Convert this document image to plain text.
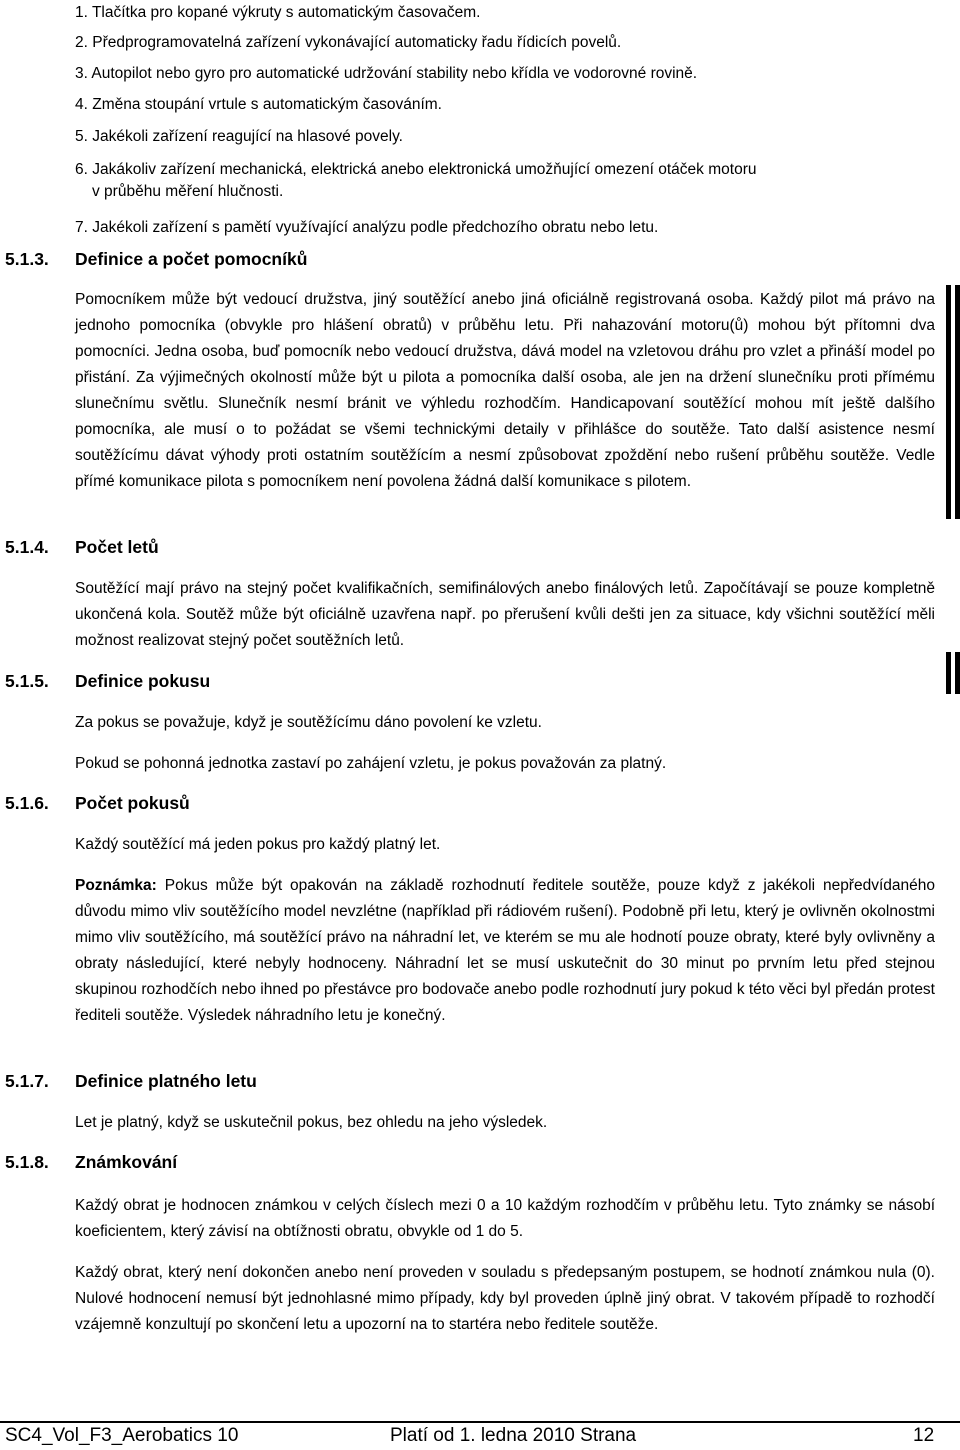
1. Tlačítka pro kopané výkruty s automatickým časovačem.
2. Předprogramovatelná zařízení vykonávající automaticky řadu řídicích povelů.
3. Autopilot nebo gyro pro automatické udržování stability nebo křídla ve vodorovné rovině.
4. Změna stoupání vrtule s automatickým časováním.
5. Jakékoli zařízení reagující na hlasové povely.
6. Jakákoliv zařízení mechanická, elektrická anebo elektronická umožňující omezení otáček motoru
v průběhu měření hlučnosti.
7. Jakékoli zařízení s pamětí využívající analýzu podle předchozího obratu nebo letu.
5.1.3. Definice a počet pomocníků

Pomocníkem může být vedoucí družstva, jiný soutěžící anebo jiná oficiálně registrovaná osoba. Každý pilot má právo na jednoho pomocníka (obvykle pro hlášení obratů) v průběhu letu. Při nahazování motoru(ů) mohou být přítomni dva pomocníci. Jedna osoba, buď pomocník nebo vedoucí družstva, dává model na vzletovou dráhu pro vzlet a přináší model po přistání. Za výjimečných okolností může být u pilota a pomocníka další osoba, ale jen na držení slunečníku proti přímému slunečnímu světlu. Slunečník nesmí bránit ve výhledu rozhodčím. Handicapovaní soutěžící mohou mít ještě dalšího pomocníka, ale musí o to požádat se všemi technickými detaily v přihlášce do soutěže. Tato další asistence nesmí soutěžícímu dávat výhody proti ostatním soutěžícím a nesmí způsobovat zpoždění nebo rušení průběhu soutěže. Vedle přímé komunikace pilota s pomocníkem není povolena žádná další komunikace s pilotem.

5.1.4. Počet letů

Soutěžící mají právo na stejný počet kvalifikačních, semifinálových anebo finálových letů. Započítávají se pouze kompletně ukončená kola. Soutěž může být oficiálně uzavřena např. po přerušení kvůli dešti jen za situace, kdy všichni soutěžící měli možnost realizovat stejný počet soutěžních letů.

5.1.5. Definice pokusu

Za pokus se považuje, když je soutěžícímu dáno povolení ke vzletu.

Pokud se pohonná jednotka zastaví po zahájení vzletu, je pokus považován za platný.

5.1.6. Počet pokusů

Každý soutěžící má jeden pokus pro každý platný let.

Poznámka: Pokus může být opakován na základě rozhodnutí ředitele soutěže, pouze když z jakékoli nepředvídaného důvodu mimo vliv soutěžícího model nevzlétne (například při rádiovém rušení). Podobně při letu, který je ovlivněn okolnostmi mimo vliv soutěžícího, má soutěžící právo na náhradní let, ve kterém se mu ale hodnotí pouze obraty, které byly ovlivněny a obraty následující, které nebyly hodnoceny. Náhradní let se musí uskutečnit do 30 minut po prvním letu před stejnou skupinou rozhodčích nebo ihned po přestávce pro bodovače anebo podle rozhodnutí jury pokud k této věci byl předán protest řediteli soutěže. Výsledek náhradního letu je konečný.

5.1.7. Definice platného letu

Let je platný, když se uskutečnil pokus, bez ohledu na jeho výsledek.

5.1.8. Známkování

Každý obrat je hodnocen známkou v celých číslech mezi 0 a 10 každým rozhodčím v průběhu letu. Tyto známky se násobí koeficientem, který závisí na obtížnosti obratu, obvykle od 1 do 5.

Každý obrat, který není dokončen anebo není proveden v souladu s předepsaným postupem, se hodnotí známkou nula (0). Nulové hodnocení nemusí být jednohlasné mimo případy, kdy byl proveden úplně jiný obrat. V takovém případě to rozhodčí vzájemně konzultují po skončení letu a upozorní na to startéra nebo ředitele soutěže.

SC4_Vol_F3_Aerobatics 10	Platí od 1. ledna 2010 Strana	12
